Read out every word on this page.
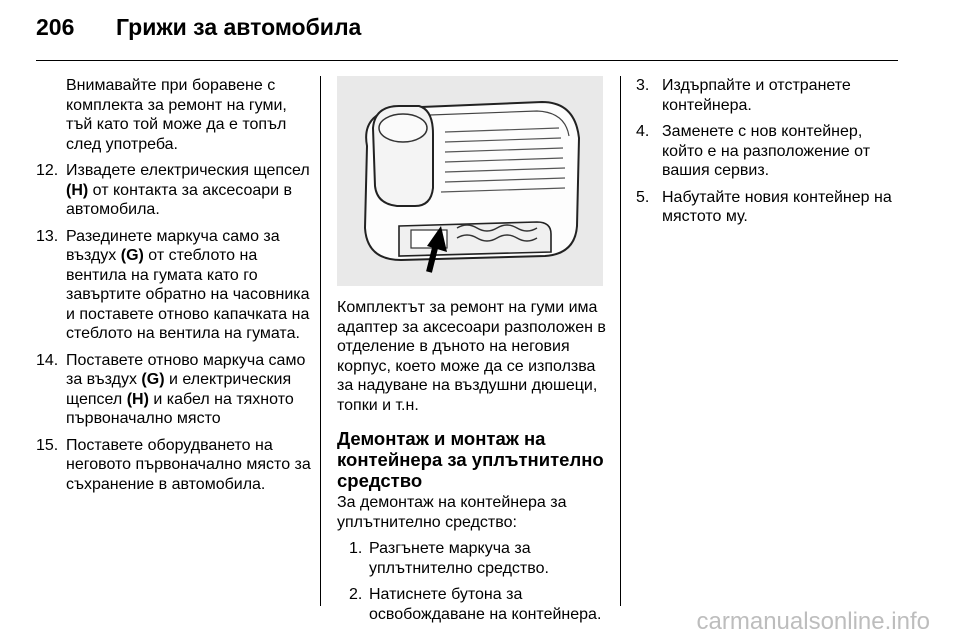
206 Грижи за автомобила

Внимавайте при боравене с комплекта за ремонт на гуми, тъй като той може да е топъл след употреба.

12. Извадете електрическия щепсел (H) от контакта за аксесоари в автомобила.
13. Разединете маркуча само за въздух (G) от стеблото на вентила на гумата като го завъртите обратно на часовника и поставете отново капачката на стеблото на вентила на гумата.
14. Поставете отново маркуча само за въздух (G) и електрическия щепсел (H) и кабел на тяхното първоначално място
15. Поставете оборудването на неговото първоначално място за съхранение в автомобила.

Комплектът за ремонт на гуми има адаптер за аксесоари разположен в отделение в дъното на неговия корпус, което може да се използва за надуване на въздушни дюшеци, топки и т.н.

Демонтаж и монтаж на контейнера за уплътнително средство

За демонтаж на контейнера за уплътнително средство:

1. Разгънете маркуча за уплътнително средство.
2. Натиснете бутона за освобождаване на контейнера.
3. Издърпайте и отстранете контейнера.
4. Заменете с нов контейнер, който е на разположение от вашия сервиз.
5. Набутайте новия контейнер на мястото му.
carmanualsonline.info
